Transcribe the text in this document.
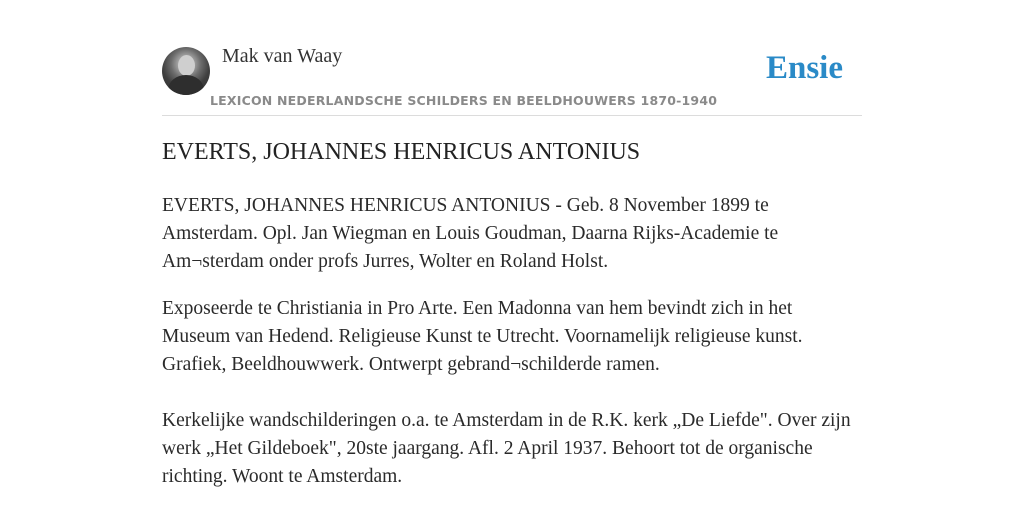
Mak van Waay
LEXICON NEDERLANDSCHE SCHILDERS EN BEELDHOUWERS 1870-1940
Ensie
EVERTS, JOHANNES HENRICUS ANTONIUS

EVERTS, JOHANNES HENRICUS ANTONIUS - Geb. 8 November 1899 te Amsterdam. Opl. Jan Wiegman en Louis Goudman, Daarna Rijks-Academie te Am¬sterdam onder profs Jurres, Wolter en Roland Holst.

Exposeerde te Christiania in Pro Arte. Een Madonna van hem bevindt zich in het Museum van Hedend. Religieuse Kunst te Utrecht. Voornamelijk religieuse kunst. Grafiek, Beeldhouwwerk. Ontwerpt gebrand¬schilderde ramen.

Kerkelijke wandschilderingen o.a. te Amsterdam in de R.K. kerk „De Liefde". Over zijn werk „Het Gildeboek", 20ste jaargang. Afl. 2 April 1937. Behoort tot de organische richting. Woont te Amsterdam.
